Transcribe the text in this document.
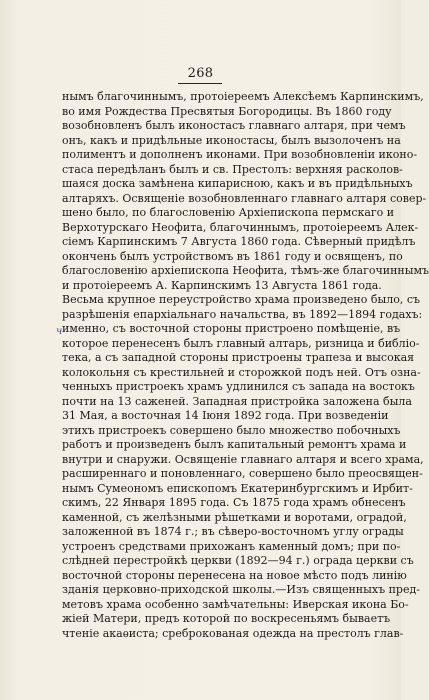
268
ч
нымъ благочиннымъ, протоіереемъ Алексѣемъ Карпинскимъ,
во имя Рождества Пресвятыя Богородицы. Въ 1860 году
возобновленъ былъ иконостасъ главнаго алтаря, при чемъ
онъ, какъ и придѣльные иконостасы, былъ вызолоченъ на
полиментъ и дополненъ иконами. При возобновленіи иконо-
стаса передѣланъ былъ и св. Престолъ: верхняя расколов-
шаяся доска замѣнена кипарисною, какъ и въ придѣльныхъ
алтаряхъ. Освященіе возобновленнаго главнаго алтаря совер-
шено было, по благословенію Архіепископа пермскаго и
Верхотурскаго Неофита, благочиннымъ, протоіереемъ Алек-
сіемъ Карпинскимъ 7 Августа 1860 года. Сѣверный придѣлъ
окончень былъ устройствомъ въ 1861 году и освященъ, по
благословенію архіепископа Неофита, тѣмъ-же благочиннымъ
и протоіереемъ А. Карпинскимъ 13 Августа 1861 года.
Весьма крупное переустройство храма произведено было, съ
разрѣшенія епархіальнаго начальства, въ 1892—1894 годахъ:
именно, съ восточной стороны пристроено помѣщеніе, въ
которое перенесенъ былъ главный алтарь, ризница и библіо-
тека, а съ западной стороны пристроены трапеза и высокая
колокольня съ крестильней и сторожкой подъ ней. Отъ озна-
ченныхъ пристроекъ храмъ удлинился съ запада на востокъ
почти на 13 саженей. Западная пристройка заложена была
31 Мая, а восточная 14 Іюня 1892 года. При возведеніи
этихъ пристроекъ совершено было множество побочныхъ
работъ и произведенъ былъ капитальный ремонтъ храма и
внутри и снаружи. Освященіе главнаго алтаря и всего храма,
расширеннаго и поновленнаго, совершено было преосвящен-
нымъ Сумеономъ епископомъ Екатеринбургскимъ и Ирбит-
скимъ, 22 Января 1895 года. Съ 1875 года храмъ обнесенъ
каменной, съ желѣзными рѣшетками и воротами, оградой,
заложенной въ 1874 г.; въ сѣверо-восточномъ углу ограды
устроенъ средствами прихожанъ каменный домъ; при по-
слѣдней перестройкѣ церкви (1892—94 г.) ограда церкви съ
восточной стороны перенесена на новое мѣсто подъ линію
зданія церковно-приходской школы.—Изъ священныхъ пред-
метовъ храма особенно замѣчательны: Иверская икона Бо-
жіей Матери, предъ которой по воскресеньямъ бываетъ
чтеніе акаѳиста; среброкованая одежда на престолъ глав-
